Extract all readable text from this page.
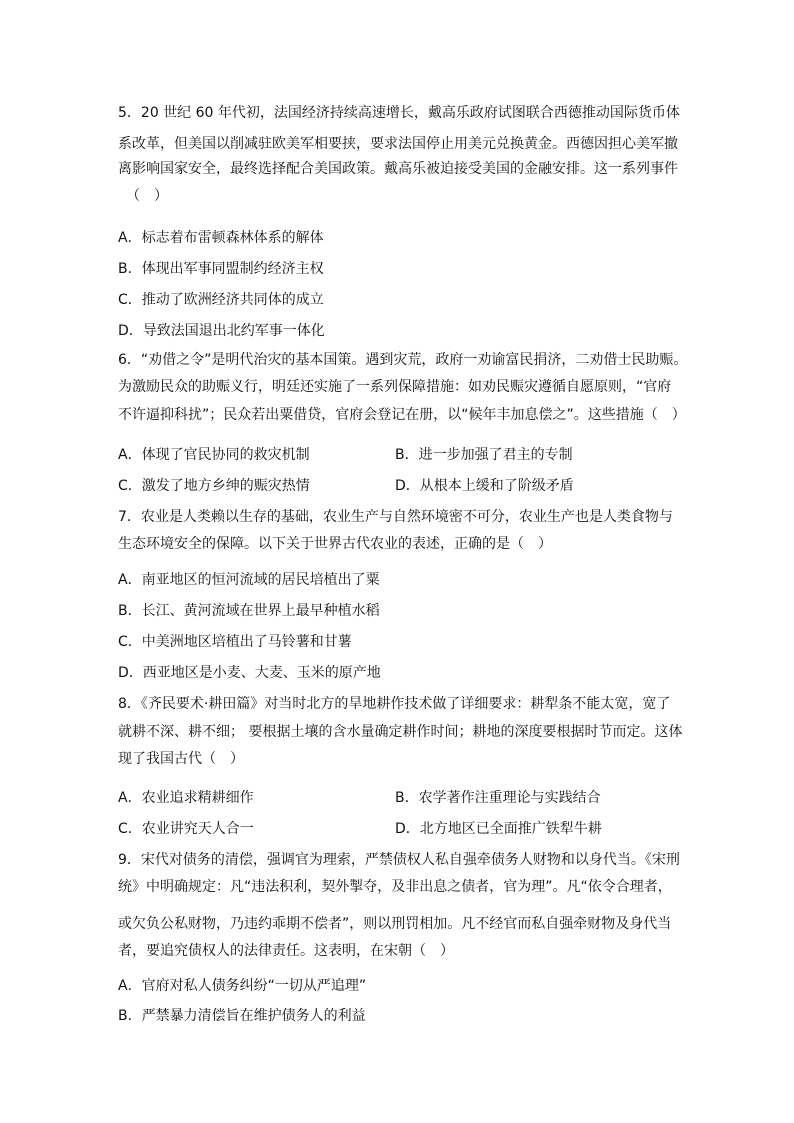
5．20 世纪 60 年代初，法国经济持续高速增长，戴高乐政府试图联合西德推动国际货币体
系改革，但美国以削减驻欧美军相要挟，要求法国停止用美元兑换黄金。西德因担心美军撤
离影响国家安全，最终选择配合美国政策。戴高乐被迫接受美国的金融安排。这一系列事件
（　）
A．标志着布雷顿森林体系的解体
B．体现出军事同盟制约经济主权
C．推动了欧洲经济共同体的成立
D．导致法国退出北约军事一体化
6．“劝借之令”是明代治灾的基本国策。遇到灾荒，政府一劝谕富民捐济，二劝借士民助赈。
为激励民众的助赈义行，明廷还实施了一系列保障措施：如劝民赈灾遵循自愿原则，“官府
不许逼抑科扰”；民众若出粟借贷，官府会登记在册，以“候年丰加息偿之”。这些措施（　）
A．体现了官民协同的救灾机制	B．进一步加强了君主的专制
C．激发了地方乡绅的赈灾热情	D．从根本上缓和了阶级矛盾
7．农业是人类赖以生存的基础，农业生产与自然环境密不可分，农业生产也是人类食物与
生态环境安全的保障。以下关于世界古代农业的表述，正确的是（　）
A．南亚地区的恒河流域的居民培植出了粟
B．长江、黄河流域在世界上最早种植水稻
C．中美洲地区培植出了马铃薯和甘薯
D．西亚地区是小麦、大麦、玉米的原产地
8．《齐民要术·耕田篇》对当时北方的旱地耕作技术做了详细要求：耕犁条不能太宽，宽了
就耕不深、耕不细； 要根据土壤的含水量确定耕作时间；耕地的深度要根据时节而定。这体
现了我国古代（　）
A．农业追求精耕细作	B．农学著作注重理论与实践结合
C．农业讲究天人合一	D．北方地区已全面推广铁犁牛耕
9．宋代对债务的清偿，强调官为理索，严禁债权人私自强牵债务人财物和以身代当。《宋刑
统》中明确规定：凡“违法积利，契外掣夺，及非出息之债者，官为理”。凡“依令合理者，
或欠负公私财物，乃违约乖期不偿者”，则以刑罚相加。凡不经官而私自强牵财物及身代当
者，要追究债权人的法律责任。这表明，在宋朝（　）
A．官府对私人债务纠纷“一切从严追理”
B．严禁暴力清偿旨在维护债务人的利益
